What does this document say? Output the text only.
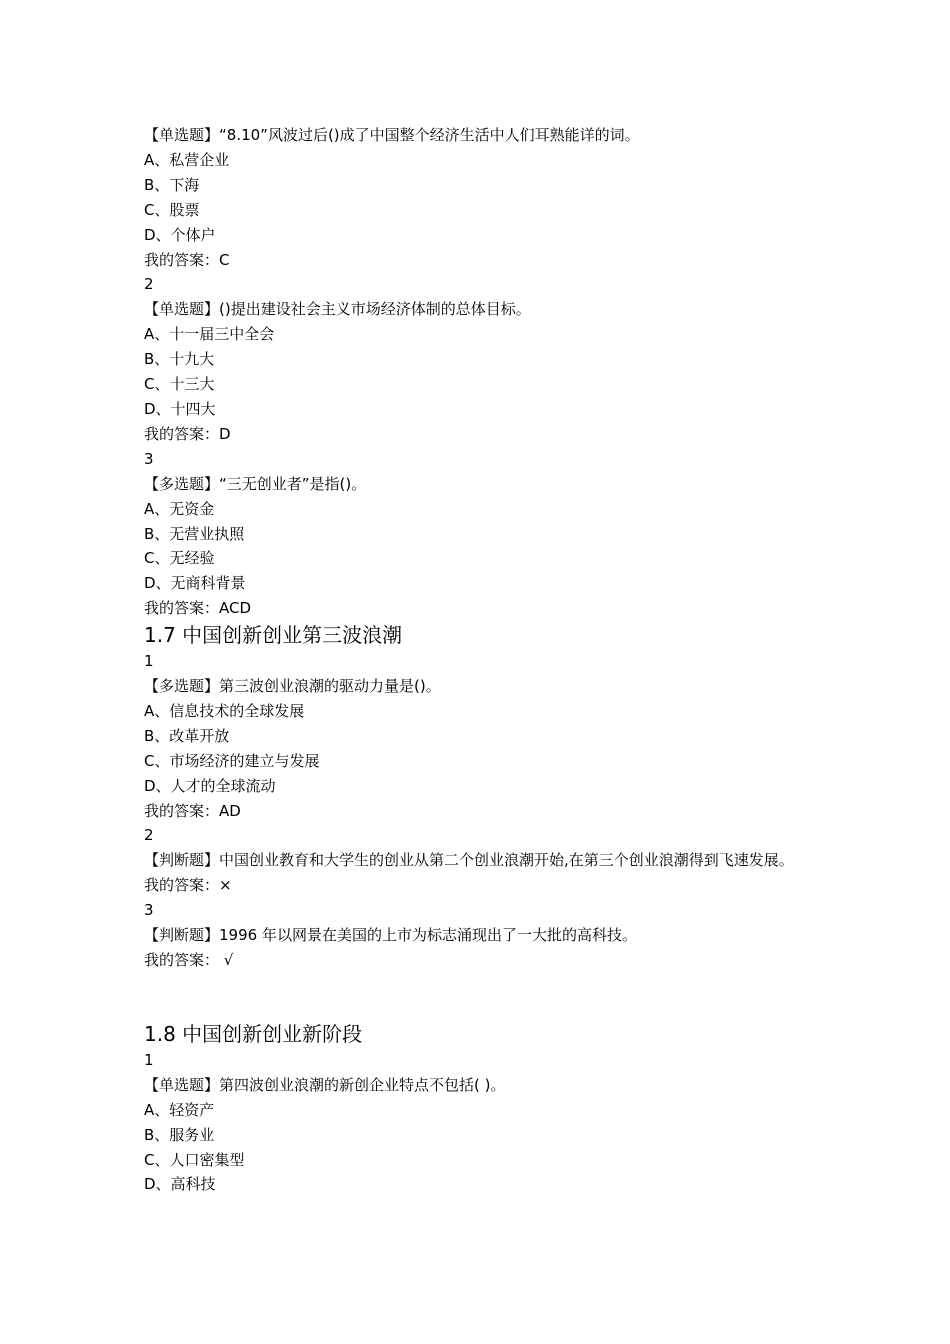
【单选题】“8.10”风波过后()成了中国整个经济生活中人们耳熟能详的词。
A、私营企业
B、下海
C、股票
D、个体户
我的答案：C
2
【单选题】()提出建设社会主义市场经济体制的总体目标。
A、十一届三中全会
B、十九大
C、十三大
D、十四大
我的答案：D
3
【多选题】“三无创业者”是指()。
A、无资金
B、无营业执照
C、无经验
D、无商科背景
我的答案：ACD
1.7 中国创新创业第三波浪潮
1
【多选题】第三波创业浪潮的驱动力量是()。
A、信息技术的全球发展
B、改革开放
C、市场经济的建立与发展
D、人才的全球流动
我的答案：AD
2
【判断题】中国创业教育和大学生的创业从第二个创业浪潮开始,在第三个创业浪潮得到飞速发展。
我的答案：×
3
【判断题】1996 年以网景在美国的上市为标志涌现出了一大批的高科技。
我的答案： √
1.8 中国创新创业新阶段
1
【单选题】第四波创业浪潮的新创企业特点不包括( )。
A、轻资产
B、服务业
C、人口密集型
D、高科技
